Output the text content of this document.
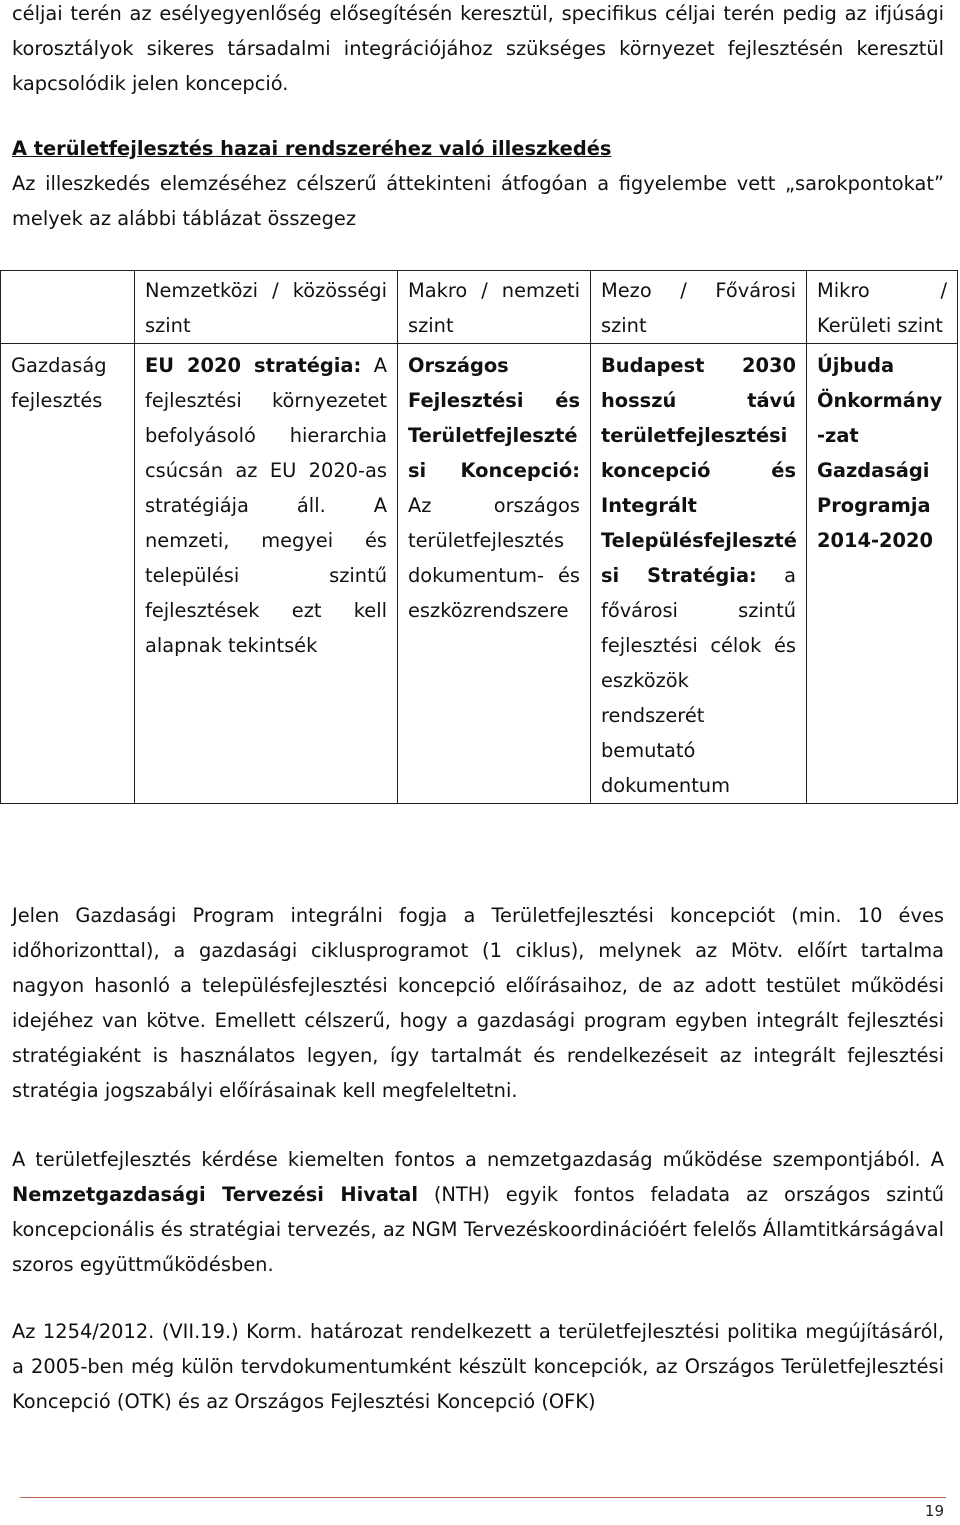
céljai terén az esélyegyenlőség elősegítésén keresztül, specifikus céljai terén pedig az ifjúsági korosztályok sikeres társadalmi integrációjához szükséges környezet fejlesztésén keresztül kapcsolódik jelen koncepció.

A területfejlesztés hazai rendszeréhez való illeszkedés

Az illeszkedés elemzéséhez célszerű áttekinteni átfogóan a figyelembe vett „sarokpontokat” melyek az alábbi táblázat összegez

	Nemzetközi / közösségi szint	Makro / nemzeti szint	Mezo / Fővárosi szint	Mikro / Kerületi szint
Gazdaság fejlesztés	EU 2020 stratégia: A fejlesztési környezetet befolyásoló hierarchia csúcsán az EU 2020-as stratégiája áll. A nemzeti, megyei és települési szintű fejlesztések ezt kell alapnak tekintsék	Országos Fejlesztési és Területfejleszté si Koncepció: Az országos területfejlesztés dokumentum- és eszközrendszere	Budapest 2030 hosszú távú területfejlesztési koncepció és Integrált Településfejleszté si Stratégia: a fővárosi szintű fejlesztési célok és eszközök rendszerét bemutató dokumentum	Újbuda Önkormány -zat Gazdasági Programja 2014-2020

Jelen Gazdasági Program integrálni fogja a Területfejlesztési koncepciót (min. 10 éves időhorizonttal), a gazdasági ciklusprogramot (1 ciklus), melynek az Mötv. előírt tartalma nagyon hasonló a településfejlesztési koncepció előírásaihoz, de az adott testület működési idejéhez van kötve. Emellett célszerű, hogy a gazdasági program egyben integrált fejlesztési stratégiaként is használatos legyen, így tartalmát és rendelkezéseit az integrált fejlesztési stratégia jogszabályi előírásainak kell megfeleltetni.

A területfejlesztés kérdése kiemelten fontos a nemzetgazdaság működése szempontjából. A Nemzetgazdasági Tervezési Hivatal (NTH) egyik fontos feladata az országos szintű koncepcionális és stratégiai tervezés, az NGM Tervezéskoordinációért felelős Államtitkárságával szoros együttműködésben.

Az 1254/2012. (VII.19.) Korm. határozat rendelkezett a területfejlesztési politika megújításáról, a 2005-ben még külön tervdokumentumként készült koncepciók, az Országos Területfejlesztési Koncepció (OTK) és az Országos Fejlesztési Koncepció (OFK)

19
